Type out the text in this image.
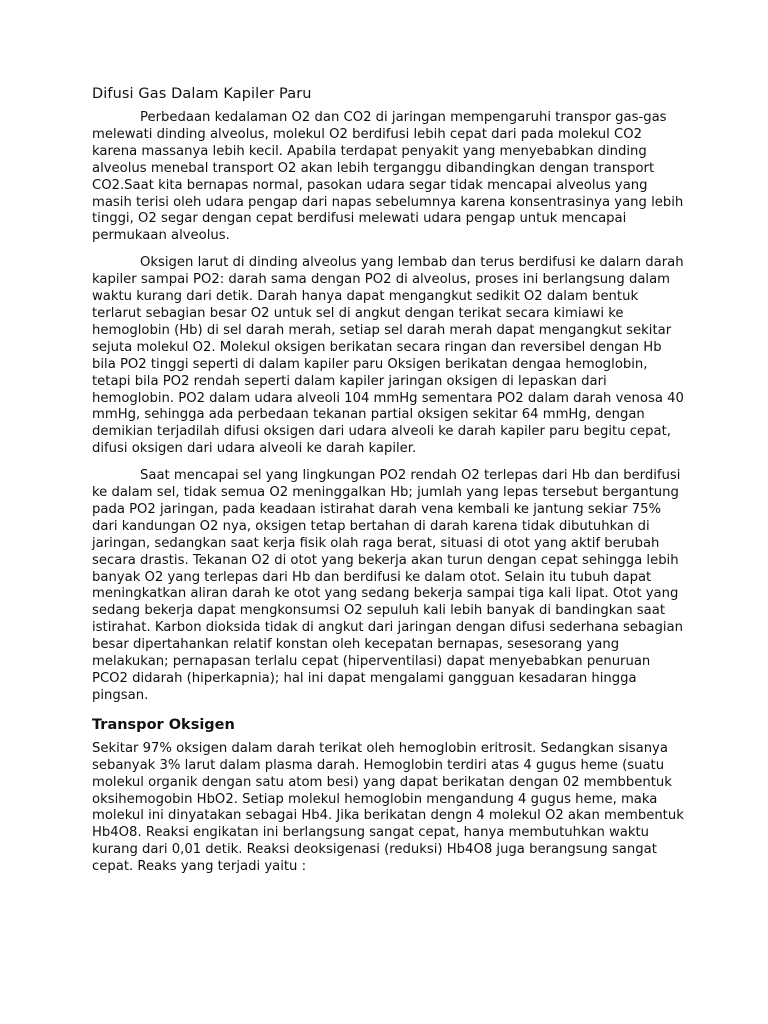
Difusi Gas Dalam Kapiler Paru

Perbedaan kedalaman O2 dan CO2 di jaringan mempengaruhi transpor gas-gas melewati dinding alveolus, molekul O2 berdifusi lebih cepat dari pada molekul CO2 karena massanya lebih kecil. Apabila terdapat penyakit yang menyebabkan dinding alveolus menebal transport O2 akan lebih terganggu dibandingkan dengan transport CO2.Saat kita bernapas normal, pasokan udara segar tidak mencapai alveolus yang masih terisi oleh udara pengap dari napas sebelumnya karena konsentrasinya yang lebih tinggi, O2 segar dengan cepat berdifusi melewati udara pengap untuk mencapai permukaan alveolus.

Oksigen larut di dinding alveolus yang lembab dan terus berdifusi ke dalarn darah kapiler sampai PO2: darah sama dengan PO2 di alveolus, proses ini berlangsung dalam waktu kurang dari detik. Darah hanya dapat mengangkut sedikit O2 dalam bentuk terlarut sebagian besar O2 untuk sel di angkut dengan terikat secara kimiawi ke hemoglobin (Hb) di sel darah merah, setiap sel darah merah dapat mengangkut sekitar sejuta molekul O2. Molekul oksigen berikatan secara ringan dan reversibel dengan Hb bila PO2 tinggi seperti di dalam kapiler paru Oksigen berikatan dengaa hemoglobin, tetapi bila PO2 rendah seperti dalam kapiler jaringan oksigen di lepaskan dari hemoglobin. PO2 dalam udara alveoli 104 mmHg sementara PO2 dalam darah venosa 40 mmHg, sehingga ada perbedaan tekanan partial oksigen sekitar 64 mmHg, dengan demikian terjadilah difusi oksigen dari udara alveoli ke darah kapiler paru begitu cepat, difusi oksigen dari udara alveoli ke darah kapiler.

Saat mencapai sel yang lingkungan PO2 rendah O2 terlepas dari Hb dan berdifusi ke dalam sel, tidak semua O2 meninggalkan Hb; jumlah yang lepas tersebut bergantung pada PO2 jaringan, pada keadaan istirahat darah vena kembali ke jantung sekiar 75% dari kandungan O2 nya, oksigen tetap bertahan di darah karena tidak dibutuhkan di jaringan, sedangkan saat kerja fisik olah raga berat, situasi di otot yang aktif berubah secara drastis. Tekanan O2 di otot yang bekerja akan turun dengan cepat sehingga lebih banyak O2 yang terlepas dari Hb dan berdifusi ke dalam otot. Selain itu tubuh dapat meningkatkan aliran darah ke otot yang sedang bekerja sampai tiga kali lipat. Otot yang sedang bekerja dapat mengkonsumsi O2 sepuluh kali lebih banyak di bandingkan saat istirahat. Karbon dioksida tidak di angkut dari jaringan dengan difusi sederhana sebagian besar dipertahankan relatif konstan oleh kecepatan bernapas, sesesorang yang melakukan; pernapasan terlalu cepat (hiperventilasi) dapat menyebabkan penuruan PCO2 didarah (hiperkapnia); hal ini dapat mengalami gangguan kesadaran hingga pingsan.

Transpor Oksigen

Sekitar 97% oksigen dalam darah terikat oleh hemoglobin eritrosit. Sedangkan sisanya sebanyak 3% larut dalam plasma darah. Hemoglobin terdiri atas 4 gugus heme (suatu molekul organik dengan satu atom besi) yang dapat berikatan dengan 02 membbentuk oksihemogobin HbO2. Setiap molekul hemoglobin mengandung 4 gugus heme, maka molekul ini dinyatakan sebagai Hb4. Jika berikatan dengn 4 molekul O2 akan membentuk Hb4O8. Reaksi engikatan ini berlangsung sangat cepat, hanya membutuhkan waktu kurang dari 0,01 detik. Reaksi deoksigenasi (reduksi) Hb4O8 juga berangsung sangat cepat. Reaks yang terjadi yaitu :
